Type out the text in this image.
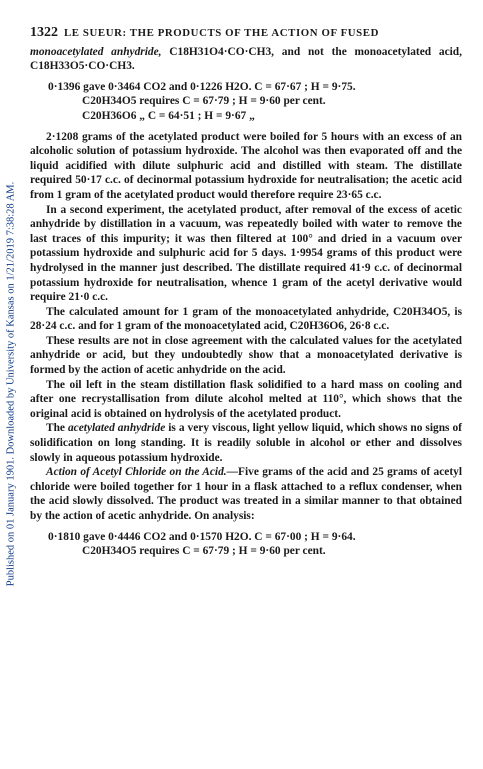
Published on 01 January 1901. Downloaded by University of Kansas on 1/21/2019 7:38:28 AM.
1322 LE SUEUR: THE PRODUCTS OF THE ACTION OF FUSED

monoacetylated anhydride, C18H31O4·CO·CH3, and not the monoacetylated acid, C18H33O5·CO·CH3.

0·1396 gave 0·3464 CO2 and 0·1226 H2O. C = 67·67 ; H = 9·75.

C20H34O5 requires C = 67·79 ; H = 9·60 per cent.

C20H36O6 „ C = 64·51 ; H = 9·67 „

2·1208 grams of the acetylated product were boiled for 5 hours with an excess of an alcoholic solution of potassium hydroxide. The alcohol was then evaporated off and the liquid acidified with dilute sulphuric acid and distilled with steam. The distillate required 50·17 c.c. of decinormal potassium hydroxide for neutralisation; the acetic acid from 1 gram of the acetylated product would therefore require 23·65 c.c.

In a second experiment, the acetylated product, after removal of the excess of acetic anhydride by distillation in a vacuum, was repeatedly boiled with water to remove the last traces of this impurity; it was then filtered at 100° and dried in a vacuum over potassium hydroxide and sulphuric acid for 5 days. 1·9954 grams of this product were hydrolysed in the manner just described. The distillate required 41·9 c.c. of decinormal potassium hydroxide for neutralisation, whence 1 gram of the acetyl derivative would require 21·0 c.c.

The calculated amount for 1 gram of the monoacetylated anhydride, C20H34O5, is 28·24 c.c. and for 1 gram of the monoacetylated acid, C20H36O6, 26·8 c.c.

These results are not in close agreement with the calculated values for the acetylated anhydride or acid, but they undoubtedly show that a monoacetylated derivative is formed by the action of acetic anhydride on the acid.

The oil left in the steam distillation flask solidified to a hard mass on cooling and after one recrystallisation from dilute alcohol melted at 110°, which shows that the original acid is obtained on hydrolysis of the acetylated product.

The acetylated anhydride is a very viscous, light yellow liquid, which shows no signs of solidification on long standing. It is readily soluble in alcohol or ether and dissolves slowly in aqueous potassium hydroxide.

Action of Acetyl Chloride on the Acid.—Five grams of the acid and 25 grams of acetyl chloride were boiled together for 1 hour in a flask attached to a reflux condenser, when the acid slowly dissolved. The product was treated in a similar manner to that obtained by the action of acetic anhydride. On analysis:

0·1810 gave 0·4446 CO2 and 0·1570 H2O. C = 67·00 ; H = 9·64.

C20H34O5 requires C = 67·79 ; H = 9·60 per cent.
